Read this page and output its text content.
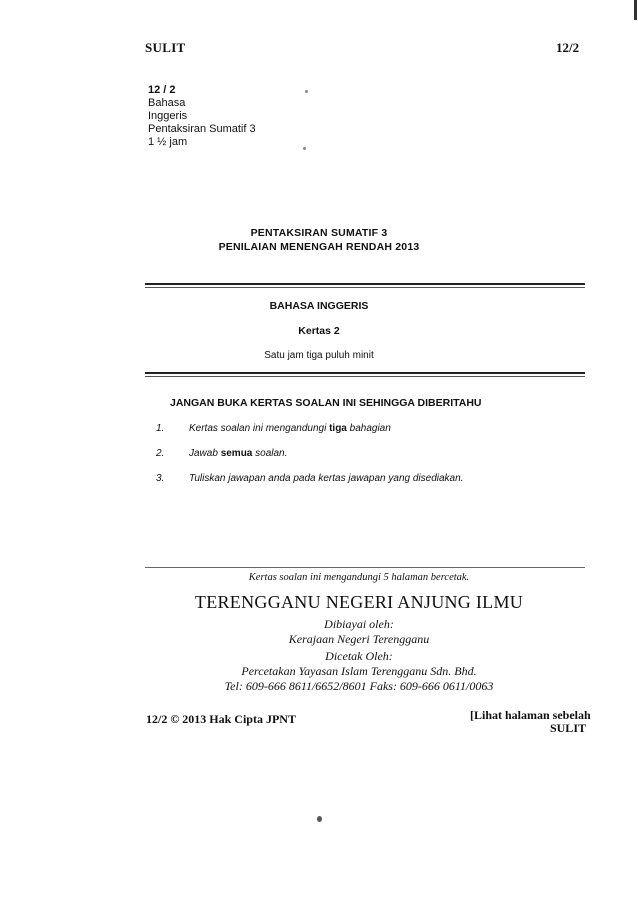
SULIT	12/2
12 / 2
Bahasa
Inggeris
Pentaksiran Sumatif 3
1 ½ jam
PENTAKSIRAN SUMATIF 3
PENILAIAN MENENGAH RENDAH 2013
BAHASA INGGERIS
Kertas 2
Satu jam tiga puluh minit
JANGAN BUKA KERTAS SOALAN INI SEHINGGA DIBERITAHU
1. Kertas soalan ini mengandungi tiga bahagian
2. Jawab semua soalan.
3. Tuliskan jawapan anda pada kertas jawapan yang disediakan.
Kertas soalan ini mengandungi 5 halaman bercetak.
TERENGGANU NEGERI ANJUNG ILMU
Dibiayai oleh:
Kerajaan Negeri Terengganu
Dicetak Oleh:
Percetakan Yayasan Islam Terengganu Sdn. Bhd.
Tel: 609-666 8611/6652/8601 Faks: 609-666 0611/0063
12/2 © 2013 Hak Cipta JPNT	[Lihat halaman sebelah
SULIT
